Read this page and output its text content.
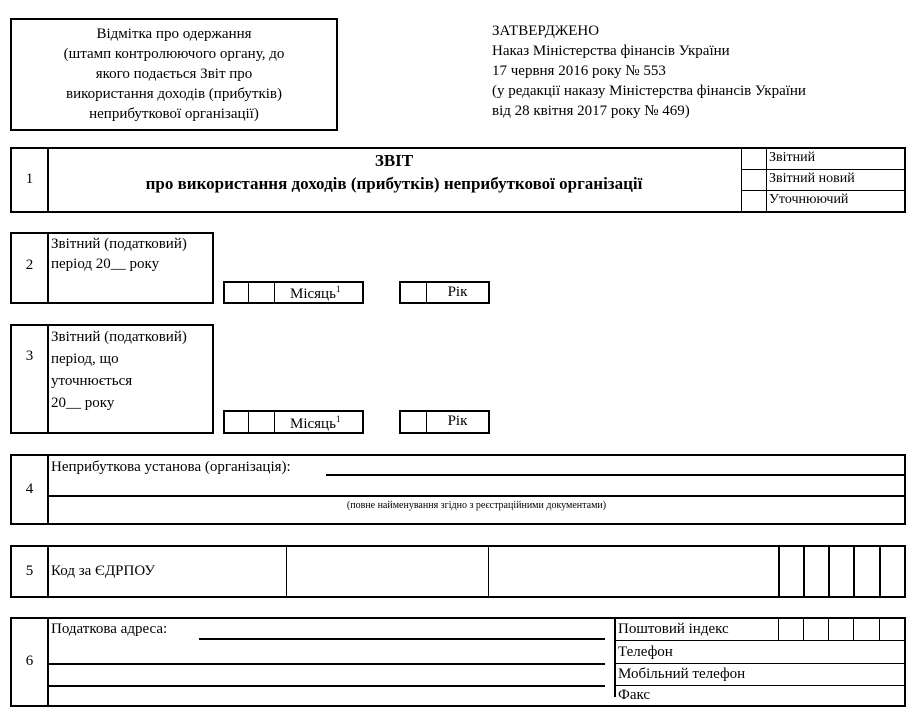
Відмітка про одержання
(штамп контролюючого органу, до
якого подається Звіт про
використання доходів (прибутків)
неприбуткової організації)
ЗАТВЕРДЖЕНО
Наказ Міністерства фінансів України
17 червня 2016 року № 553
(у редакції наказу Міністерства фінансів України
від 28 квітня 2017 року № 469)
1
ЗВІТ
про використання доходів (прибутків) неприбуткової організації
Звітний
Звітний новий
Уточнюючий
2
Звітний (податковий)
період 20__ року
Місяць$^1$	Рік
3
Звітний (податковий)
період, що
уточнюється
20__ року
Місяць$^1$	Рік
4
Неприбуткова установа (організація):
(повне найменування згідно з реєстраційними документами)
5	Код за ЄДРПОУ
6
Податкова адреса:	Поштовий індекс
Телефон
Мобільний телефон
Факс
